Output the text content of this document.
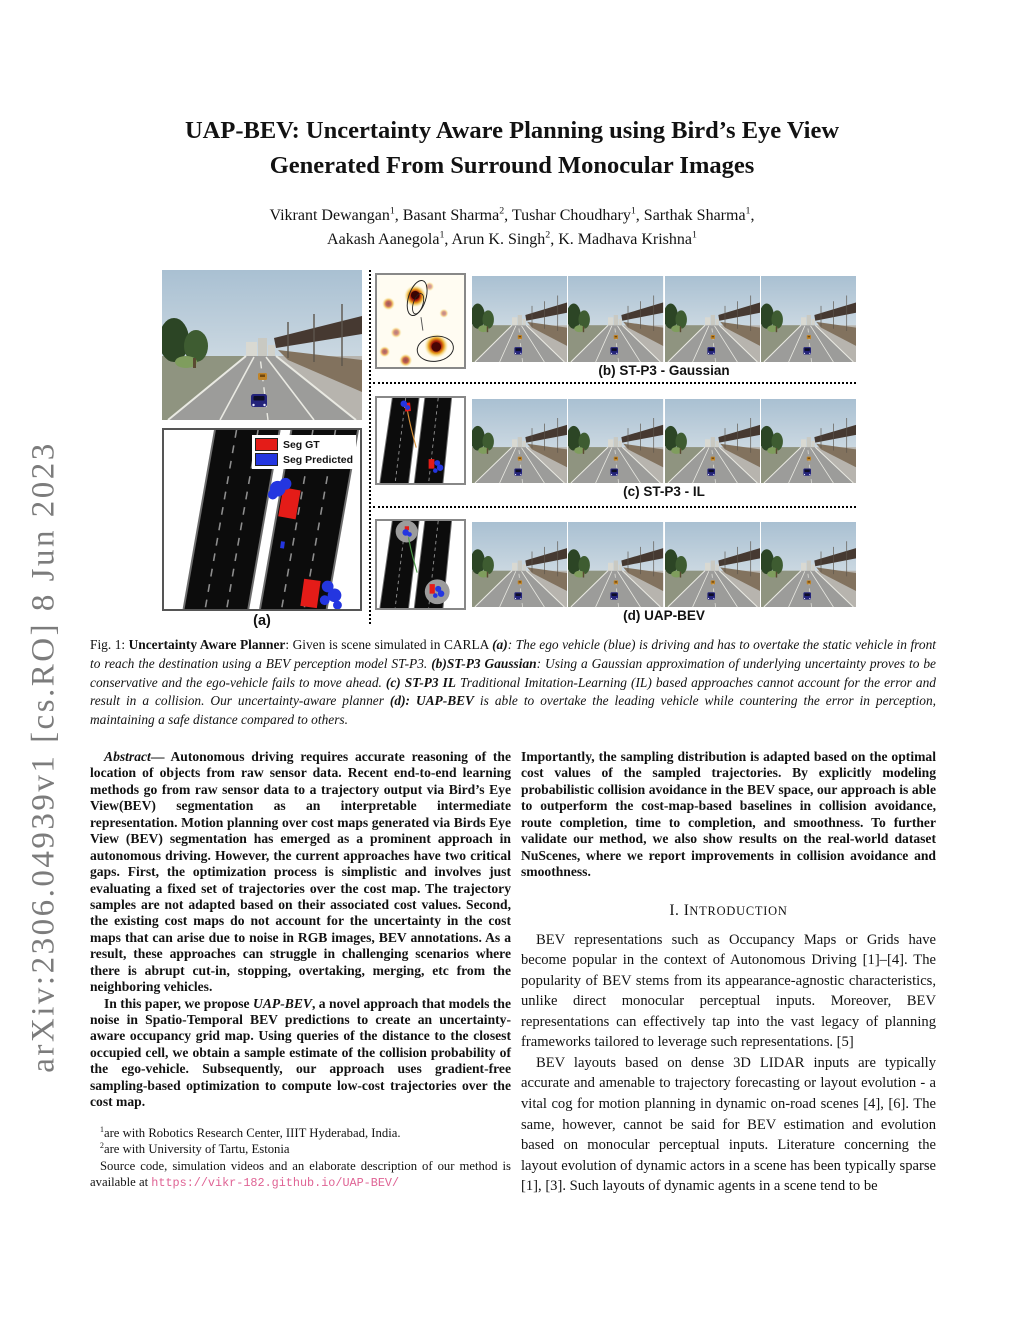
arXiv:2306.04939v1 [cs.RO] 8 Jun 2023
UAP-BEV: Uncertainty Aware Planning using Bird’s Eye View
Generated From Surround Monocular Images
Vikrant Dewangan$^1$, Basant Sharma$^2$, Tushar Choudhary$^1$, Sarthak Sharma$^1$,
Aakash Aanegola$^1$, Arun K. Singh$^2$, K. Madhava Krishna$^1$
Seg GT
Seg Predicted
(a)
(b) ST-P3 - Gaussian
(c) ST-P3 - IL
(d) UAP-BEV
Fig. 1: Uncertainty Aware Planner: Given is scene simulated in CARLA (a): The ego vehicle (blue) is driving and has to overtake the static vehicle in front to reach the destination using a BEV perception model ST-P3. (b)ST-P3 Gaussian: Using a Gaussian approximation of underlying uncertainty proves to be conservative and the ego-vehicle fails to move ahead. (c) ST-P3 IL Traditional Imitation-Learning (IL) based approaches cannot account for the error and result in a collision. Our uncertainty-aware planner (d): UAP-BEV is able to overtake the leading vehicle while countering the error in perception, maintaining a safe distance compared to others.

Abstract— Autonomous driving requires accurate reasoning of the location of objects from raw sensor data. Recent end-to-end learning methods go from raw sensor data to a trajectory output via Bird’s Eye View(BEV) segmentation as an interpretable intermediate representation. Motion planning over cost maps generated via Birds Eye View (BEV) segmentation has emerged as a prominent approach in autonomous driving. However, the current approaches have two critical gaps. First, the optimization process is simplistic and involves just evaluating a fixed set of trajectories over the cost map. The trajectory samples are not adapted based on their associated cost values. Second, the existing cost maps do not account for the uncertainty in the cost maps that can arise due to noise in RGB images, BEV annotations. As a result, these approaches can struggle in challenging scenarios where there is abrupt cut-in, stopping, overtaking, merging, etc from the neighboring vehicles.

In this paper, we propose UAP-BEV, a novel approach that models the noise in Spatio-Temporal BEV predictions to create an uncertainty-aware occupancy grid map. Using queries of the distance to the closest occupied cell, we obtain a sample estimate of the collision probability of the ego-vehicle. Subsequently, our approach uses gradient-free sampling-based optimization to compute low-cost trajectories over the cost map.

$^1$are with Robotics Research Center, IIIT Hyderabad, India.

$^2$are with University of Tartu, Estonia

Source code, simulation videos and an elaborate description of our method is available at https://vikr-182.github.io/UAP-BEV/

Importantly, the sampling distribution is adapted based on the optimal cost values of the sampled trajectories. By explicitly modeling probabilistic collision avoidance in the BEV space, our approach is able to outperform the cost-map-based baselines in collision avoidance, route completion, time to completion, and smoothness. To further validate our method, we also show results on the real-world dataset NuScenes, where we report improvements in collision avoidance and smoothness.

I. INTRODUCTION

BEV representations such as Occupancy Maps or Grids have become popular in the context of Autonomous Driving [1]–[4]. The popularity of BEV stems from its appearance-agnostic characteristics, unlike direct monocular perceptual inputs. Moreover, BEV representations can effectively tap into the vast legacy of planning frameworks tailored to leverage such representations. [5]

BEV layouts based on dense 3D LIDAR inputs are typically accurate and amenable to trajectory forecasting or layout evolution - a vital cog for motion planning in dynamic on-road scenes [4], [6]. The same, however, cannot be said for BEV estimation and evolution based on monocular perceptual inputs. Literature concerning the layout evolution of dynamic actors in a scene has been typically sparse [1], [3]. Such layouts of dynamic agents in a scene tend to be
